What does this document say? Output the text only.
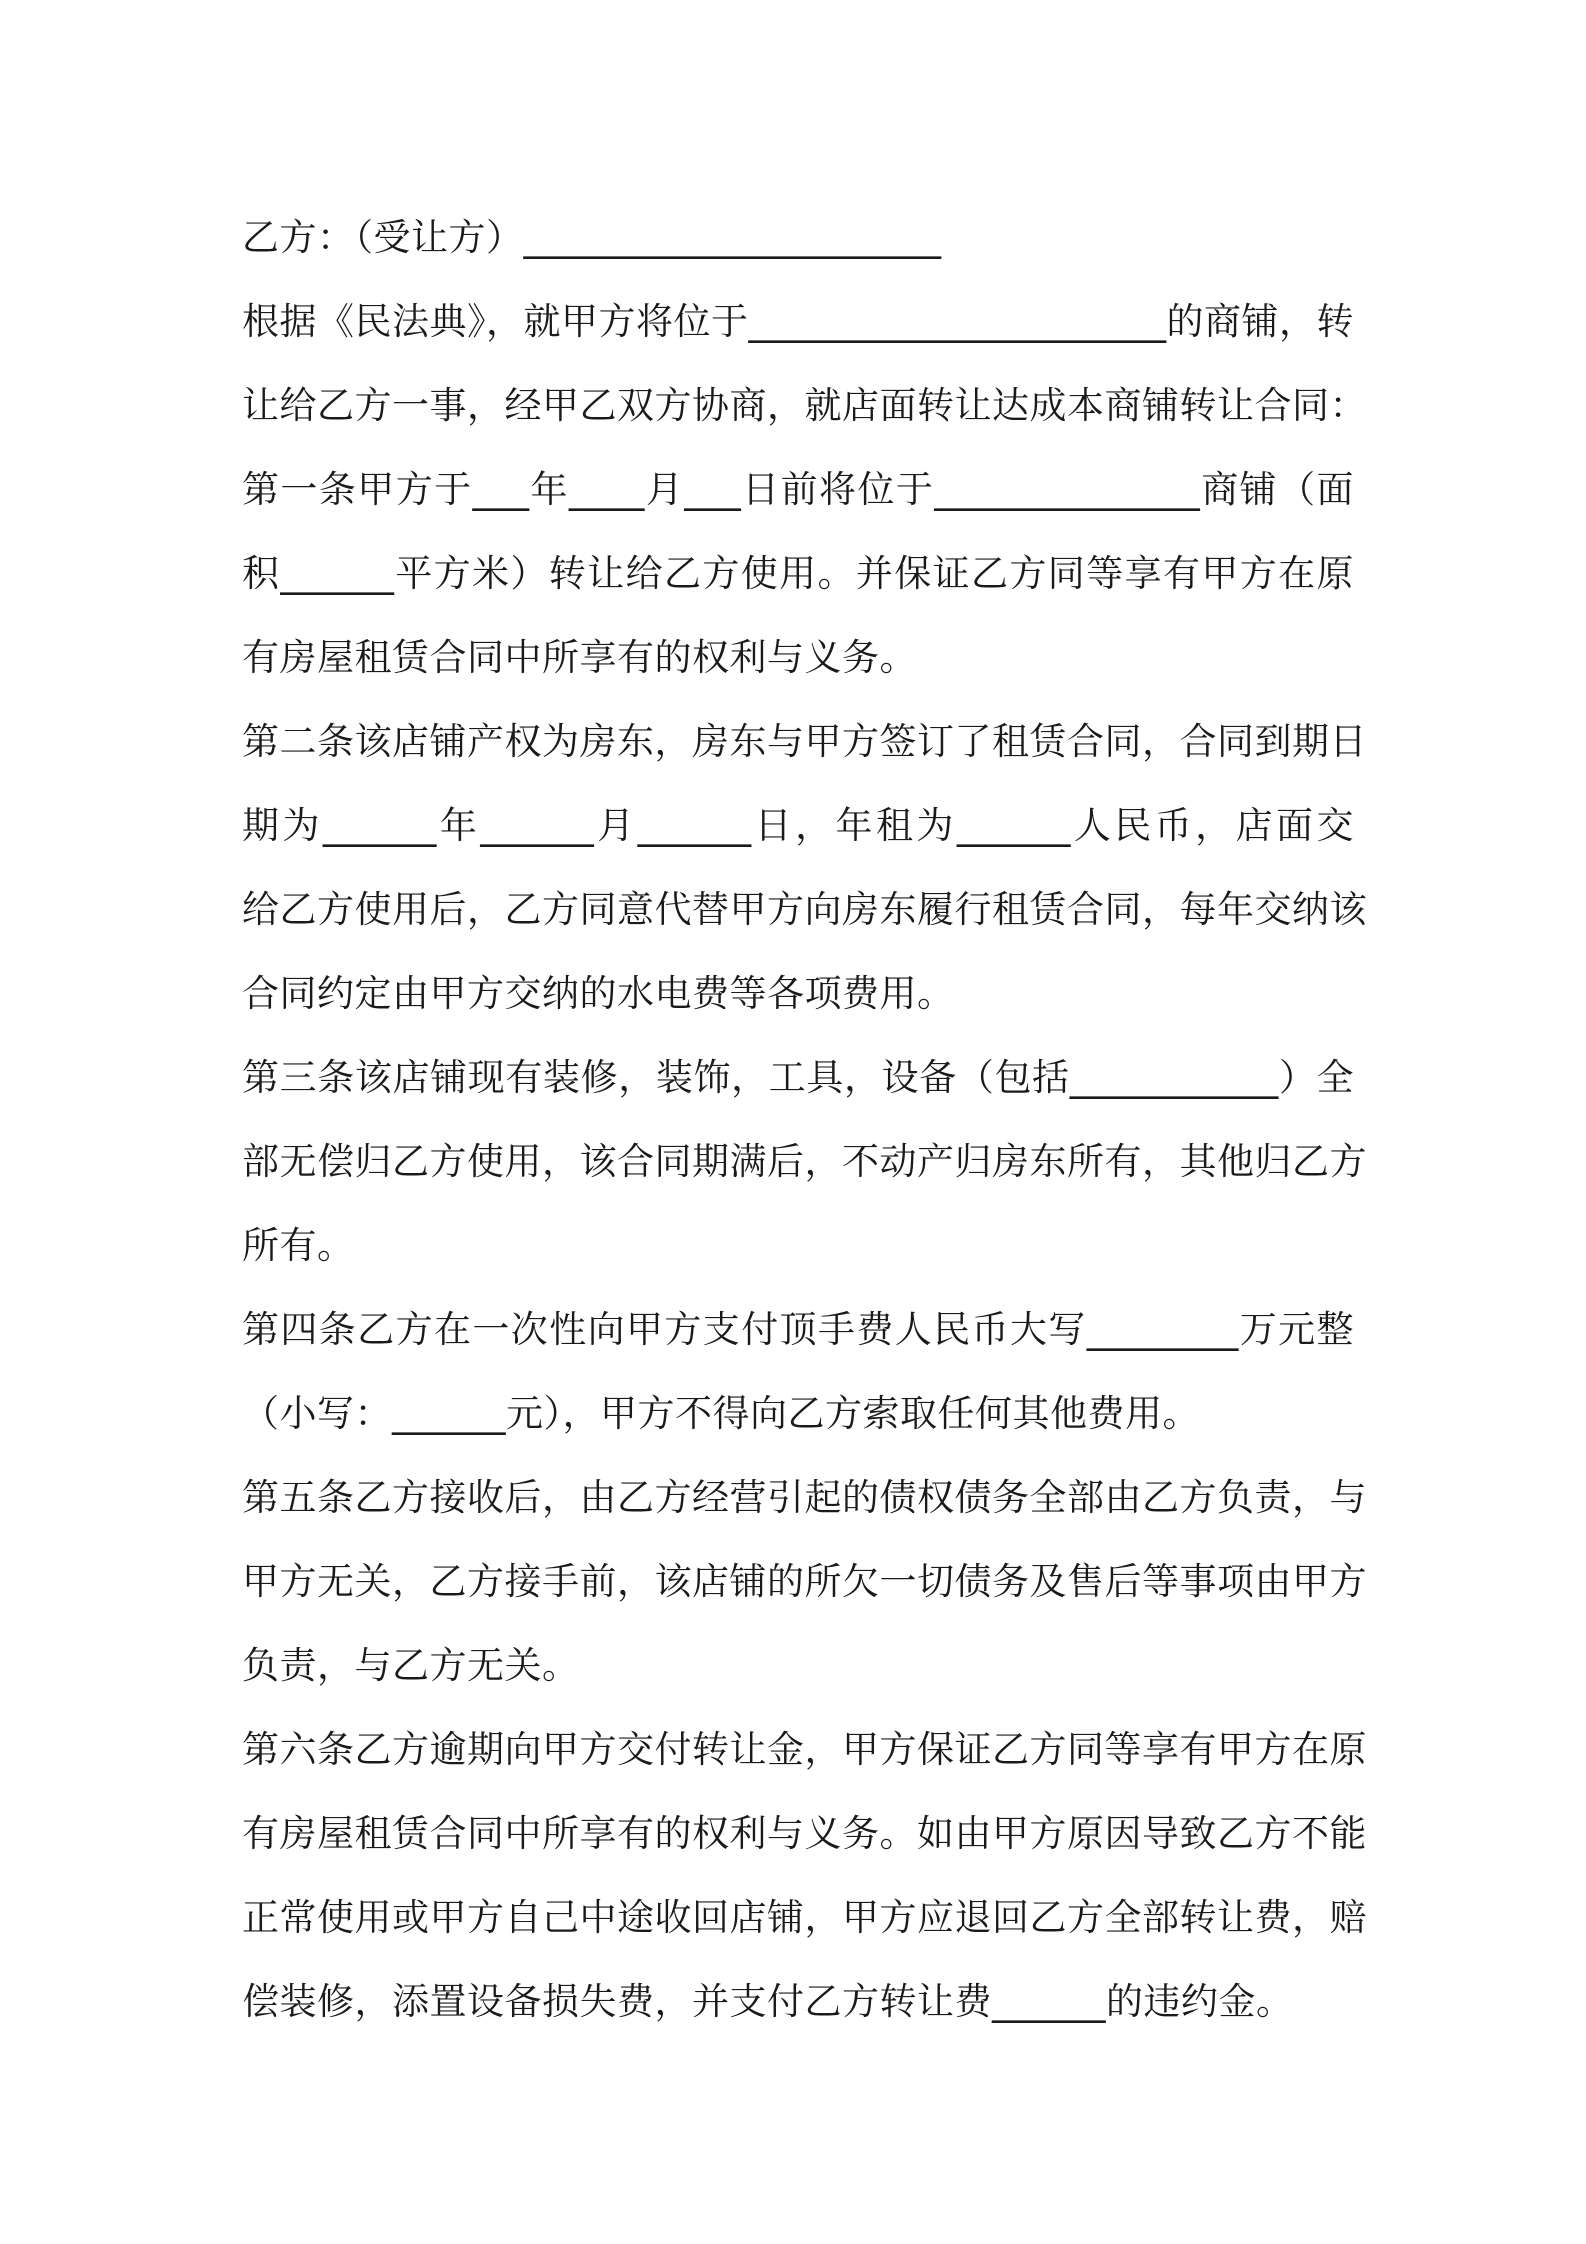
乙方：（受让方）______________________
根据《民法典》，就甲方将位于______________________的商铺，转
让给乙方一事，经甲乙双方协商，就店面转让达成本商铺转让合同：
第一条甲方于___年____月___日前将位于______________商铺（面
积______平方米）转让给乙方使用。并保证乙方同等享有甲方在原
有房屋租赁合同中所享有的权利与义务。
第二条该店铺产权为房东，房东与甲方签订了租赁合同，合同到期日
期为______年______月______日，年租为______人民币，店面交
给乙方使用后，乙方同意代替甲方向房东履行租赁合同，每年交纳该
合同约定由甲方交纳的水电费等各项费用。
第三条该店铺现有装修，装饰，工具，设备（包括___________）全
部无偿归乙方使用，该合同期满后，不动产归房东所有，其他归乙方
所有。
第四条乙方在一次性向甲方支付顶手费人民币大写________万元整
（小写：______元），甲方不得向乙方索取任何其他费用。
第五条乙方接收后，由乙方经营引起的债权债务全部由乙方负责，与
甲方无关，乙方接手前，该店铺的所欠一切债务及售后等事项由甲方
负责，与乙方无关。
第六条乙方逾期向甲方交付转让金，甲方保证乙方同等享有甲方在原
有房屋租赁合同中所享有的权利与义务。如由甲方原因导致乙方不能
正常使用或甲方自己中途收回店铺，甲方应退回乙方全部转让费，赔
偿装修，添置设备损失费，并支付乙方转让费______的违约金。
